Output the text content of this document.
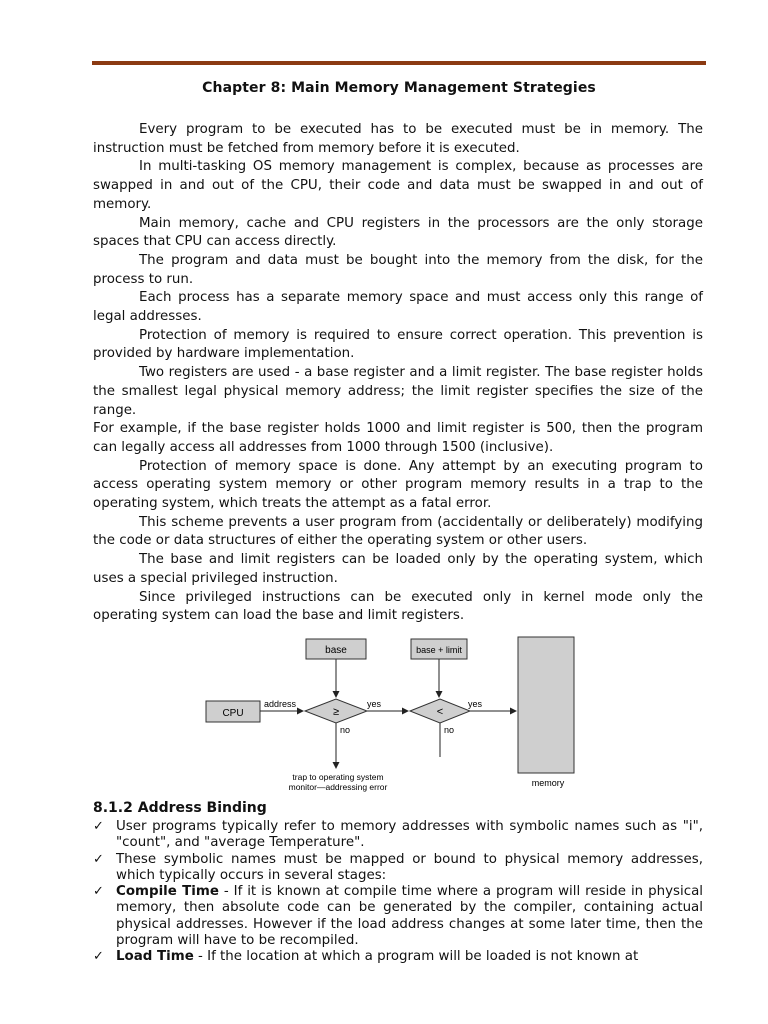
Chapter 8: Main Memory Management Strategies

Every program to be executed has to be executed must be in memory. The instruction must be fetched from memory before it is executed.

In multi-tasking OS memory management is complex, because as processes are swapped in and out of the CPU, their code and data must be swapped in and out of memory.

Main memory, cache and CPU registers in the processors are the only storage spaces that CPU can access directly.

The program and data must be bought into the memory from the disk, for the process to run.

Each process has a separate memory space and must access only this range of legal addresses.

Protection of memory is required to ensure correct operation. This prevention is provided by hardware implementation.

Two registers are used - a base register and a limit register. The base register holds the smallest legal physical memory address; the limit register specifies the size of the range.

For example, if the base register holds 1000 and limit register is 500, then the program can legally access all addresses from 1000 through 1500 (inclusive).

Protection of memory space is done. Any attempt by an executing program to access operating system memory or other program memory results in a trap to the operating system, which treats the attempt as a fatal error.

This scheme prevents a user program from (accidentally or deliberately) modifying the code or data structures of either the operating system or other users.

The base and limit registers can be loaded only by the operating system, which uses a special privileged instruction.

Since privileged instructions can be executed only in kernel mode only the operating system can load the base and limit registers.

base	base + limit
CPU
memory
≥	<
address	yes	yes
no	no
trap to operating system
monitor—addressing error
8.1.2 Address Binding
✓ User programs typically refer to memory addresses with symbolic names such as "i", "count", and "average Temperature".
✓ These symbolic names must be mapped or bound to physical memory addresses, which typically occurs in several stages:
✓ Compile Time - If it is known at compile time where a program will reside in physical memory, then absolute code can be generated by the compiler, containing actual physical addresses. However if the load address changes at some later time, then the program will have to be recompiled.
✓ Load Time - If the location at which a program will be loaded is not known at
